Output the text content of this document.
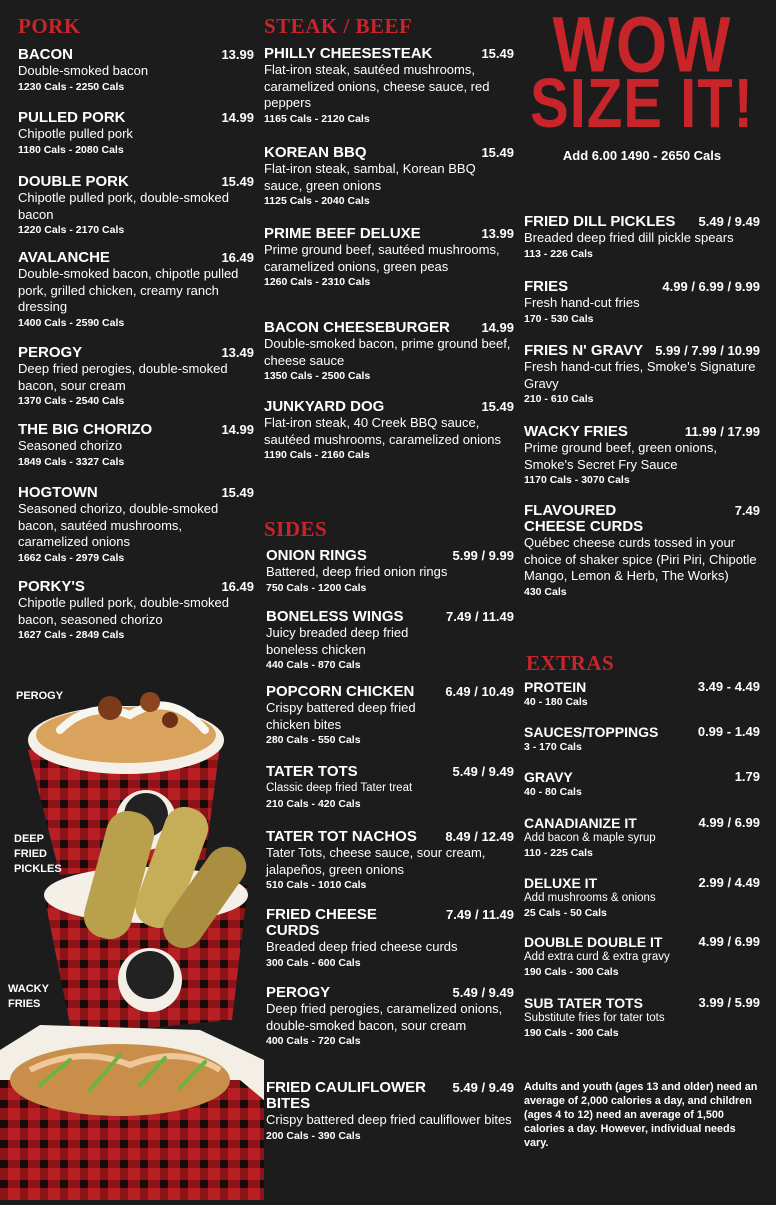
PORK
BACON	13.99
Double-smoked bacon
1230 Cals - 2250 Cals
PULLED PORK	14.99
Chipotle pulled pork
1180 Cals - 2080 Cals
DOUBLE PORK	15.49
Chipotle pulled pork, double-smoked bacon
1220 Cals - 2170 Cals
AVALANCHE	16.49
Double-smoked bacon, chipotle pulled pork, grilled chicken, creamy ranch dressing
1400 Cals - 2590 Cals
PEROGY	13.49
Deep fried perogies, double-smoked bacon, sour cream
1370 Cals - 2540 Cals
THE BIG CHORIZO	14.99
Seasoned chorizo
1849 Cals - 3327 Cals
HOGTOWN	15.49
Seasoned chorizo, double-smoked bacon, sautéed mushrooms, caramelized onions
1662 Cals - 2979 Cals
PORKY'S	16.49
Chipotle pulled pork, double-smoked bacon, seasoned chorizo
1627 Cals - 2849 Cals
PEROGY
DEEP FRIED PICKLES
WACKY FRIES
STEAK / BEEF
PHILLY CHEESESTEAK	15.49
Flat-iron steak, sautéed mushrooms, caramelized onions, cheese sauce, red peppers
1165 Cals - 2120 Cals
KOREAN BBQ	15.49
Flat-iron steak, sambal, Korean BBQ sauce, green onions
1125 Cals - 2040 Cals
PRIME BEEF DELUXE	13.99
Prime ground beef, sautéed mushrooms, caramelized onions, green peas
1260 Cals - 2310 Cals
BACON CHEESEBURGER	14.99
Double-smoked bacon, prime ground beef, cheese sauce
1350 Cals - 2500 Cals
JUNKYARD DOG	15.49
Flat-iron steak, 40 Creek BBQ sauce, sautéed mushrooms, caramelized onions
1190 Cals - 2160 Cals
SIDES
ONION RINGS	5.99 / 9.99
Battered, deep fried onion rings
750 Cals - 1200 Cals
BONELESS WINGS	7.49 / 11.49
Juicy breaded deep fried boneless chicken
440 Cals - 870 Cals
POPCORN CHICKEN	6.49 / 10.49
Crispy battered deep fried chicken bites
280 Cals - 550 Cals
TATER TOTS	5.49 / 9.49
Classic deep fried Tater treat
210 Cals - 420 Cals
TATER TOT NACHOS	8.49 / 12.49
Tater Tots, cheese sauce, sour cream, jalapeños, green onions
510 Cals - 1010 Cals
FRIED CHEESE CURDS
7.49 / 11.49
Breaded deep fried cheese curds
300 Cals - 600 Cals
PEROGY	5.49 / 9.49
Deep fried perogies, caramelized onions, double-smoked bacon, sour cream
400 Cals - 720 Cals
FRIED CAULIFLOWER BITES
5.49 / 9.49
Crispy battered deep fried cauliflower bites
200 Cals - 390 Cals
WOW
SIZE IT!
Add 6.00 1490 - 2650 Cals
FRIED DILL PICKLES	5.49 / 9.49
Breaded deep fried dill pickle spears
113 - 226 Cals
FRIES	4.99 / 6.99 / 9.99
Fresh hand-cut fries
170 - 530 Cals
FRIES N' GRAVY 5.99 / 7.99 / 10.99
Fresh hand-cut fries, Smoke's Signature Gravy
210 - 610 Cals
WACKY FRIES	11.99 / 17.99
Prime ground beef, green onions, Smoke's Secret Fry Sauce
1170 Cals - 3070 Cals
FLAVOURED CHEESE CURDS
7.49
Québec cheese curds tossed in your choice of shaker spice (Piri Piri, Chipotle Mango, Lemon & Herb, The Works)
430 Cals
EXTRAS
PROTEIN	3.49 - 4.49
40 - 180 Cals
SAUCES/TOPPINGS	0.99 - 1.49
3 - 170 Cals
GRAVY	1.79
40 - 80 Cals
CANADIANIZE IT	4.99 / 6.99
Add bacon & maple syrup
110 - 225 Cals
DELUXE IT	2.99 / 4.49
Add mushrooms & onions
25 Cals - 50 Cals
DOUBLE DOUBLE IT	4.99 / 6.99
Add extra curd & extra gravy
190 Cals - 300 Cals
SUB TATER TOTS	3.99 / 5.99
Substitute fries for tater tots
190 Cals - 300 Cals
Adults and youth (ages 13 and older) need an average of 2,000 calories a day, and children (ages 4 to 12) need an average of 1,500 calories a day. However, individual needs vary.
